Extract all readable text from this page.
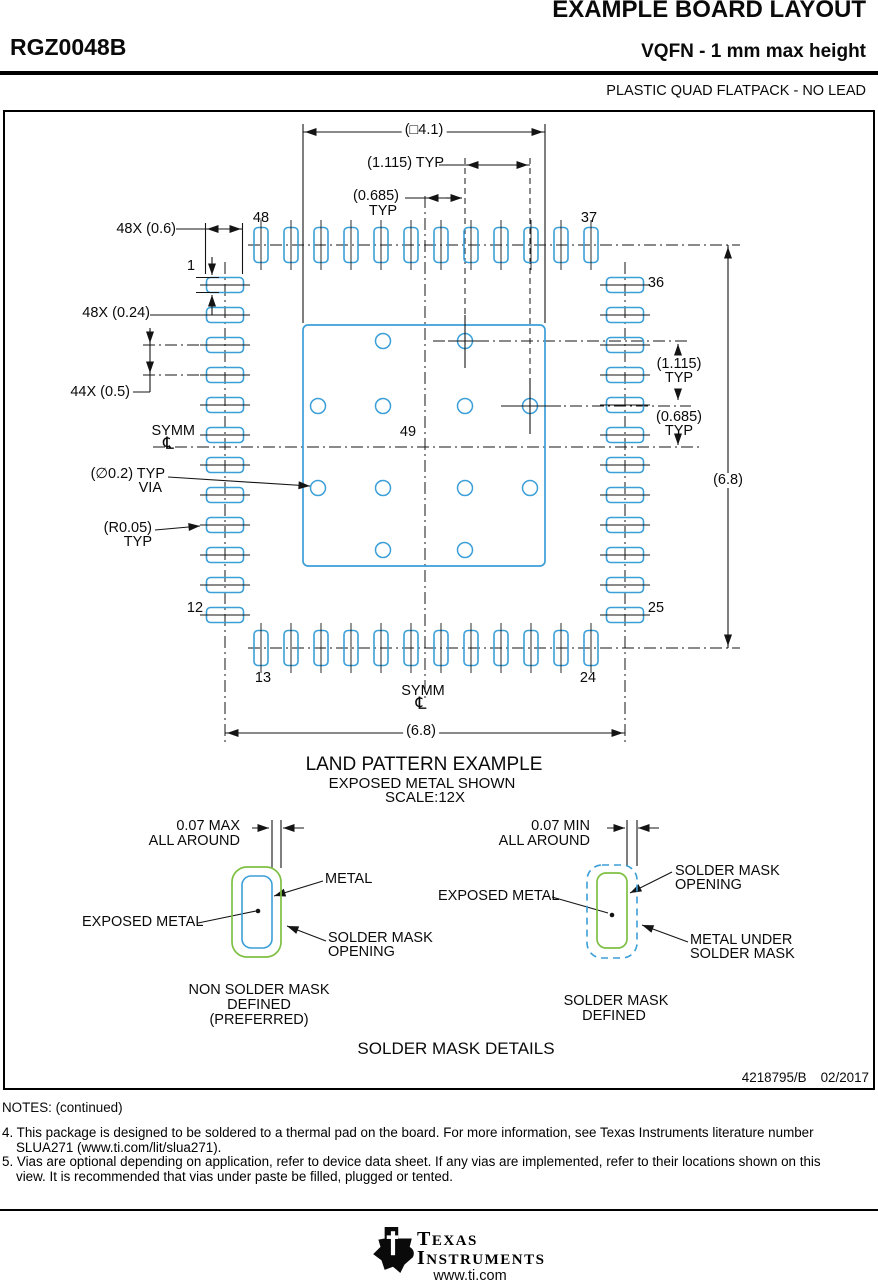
EXAMPLE BOARD LAYOUT
RGZ0048B	VQFN - 1 mm max height
PLASTIC QUAD FLATPACK - NO LEAD
(□4.1)
(1.115) TYP
(0.685)
TYP
48	37
48X (0.6)
1
36
48X (0.24)
44X (0.5)
SYMM
℄
(∅0.2) TYP
VIA
(R0.05)
TYP
49
(1.115)
TYP
(0.685)
TYP
(6.8)
12	25
13	24
SYMM
℄
(6.8)
LAND PATTERN EXAMPLE
EXPOSED METAL SHOWN
SCALE:12X
0.07 MAX
ALL AROUND
METAL
EXPOSED METAL
SOLDER MASK
OPENING
NON SOLDER MASK
DEFINED
(PREFERRED)
0.07 MIN
ALL AROUND
SOLDER MASK
OPENING
EXPOSED METAL
METAL UNDER
SOLDER MASK
SOLDER MASK
DEFINED
SOLDER MASK DETAILS
4218795/B 02/2017
NOTES: (continued)
4. This package is designed to be soldered to a thermal pad on the board. For more information, see Texas Instruments literature number SLUA271 (www.ti.com/lit/slua271).
5. Vias are optional depending on application, refer to device data sheet. If any vias are implemented, refer to their locations shown on this view. It is recommended that vias under paste be filled, plugged or tented.
TEXAS
INSTRUMENTS
www.ti.com
